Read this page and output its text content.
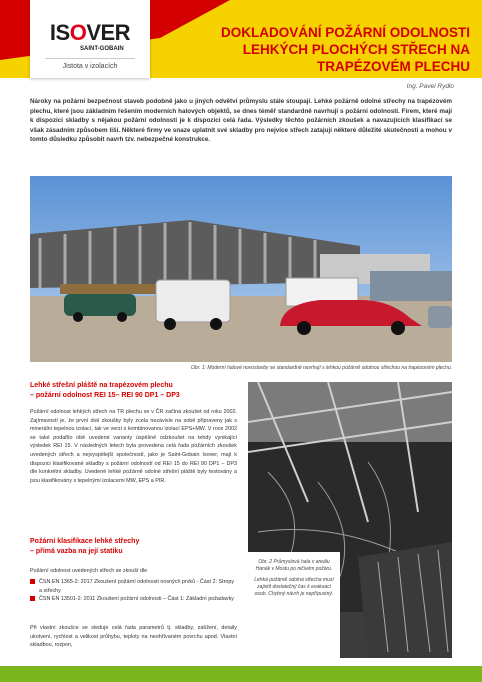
ISOVER
SAINT-GOBAIN
Jistota v izolacích
DOKLADOVÁNÍ POŽÁRNÍ ODOLNOSTI LEHKÝCH PLOCHÝCH STŘECH NA TRAPÉZOVÉM PLECHU
Ing. Pavel Rydlo
Nároky na požární bezpečnost staveb podobně jako u jiných odvětví průmyslu stále stoupají. Lehké požárně odolné střechy na trapézovém plechu, které jsou základním řešením moderních halových objektů, se dnes téměř standardně navrhují s požární odolností. Firem, které mají k dispozici skladby s nějakou požární odolností je k dispozici celá řada. Výsledky těchto požárních zkoušek a navazujících klasifikací se však zásadním způsobem liší. Některé firmy ve snaze uplatnit své skladby pro nejvíce střech zatajují některé důležité skutečnosti a mohou v tomto důsledku způsobit navrh tzv. nebezpečné konstrukce.
Obr. 1: Moderní halové novostavby se standardně navrhují s lehkou požárně odolnou střechou na trapézovém plechu.
Lehké střešní pláště na trapézovém plechu
– požární odolnost REI 15– REI 90 DP1 – DP3
Požární odolnost lehkých střech na TR plechu se v ČR začíná zkoušet od roku 2002. Zajímavostí je, že první dvě zkoušky byly zcela nezávisle na sobě připraveny jak s minerální tepelnou izolací, tak ve verzi s kombinovanou izolací EPS+MW. V roce 2002 se také podařilo obě uvedené varianty úspěšně odzkoušet na tehdy vynikající výsledek REI 15. V následných letech byla provedena celá řada požárních zkoušek uvedených střech a nejvyspělejší společností, jako je Saint-Gobain Isover, mají k dispozici klasifikované skladby s požární odolností od REI 15 do REI 90 DP1 – DP3 dle konkrétní skladby. Uvedené lehké požárně odolné střešní pláště byly testovány a jsou klasifikovány s tepelnými izolacemi MW, EPS a PIR.
Požární klasifikace lehké střechy
– přímá vazba na její statiku
Požární odolnost uvedených střech se zkouší dle
ČSN EN 1365-2: 2017 Zkoušení požární odolnosti nosných prvků - Část 2: Stropy a střechy
ČSN EN 13501-2: 2011 Zkoušení požární odolnosti – Část 1: Základní požadavky
Při vlastní zkoušce se sleduje celá řada parametrů tj. skladby, zatížení, detaily ukotvení, rychlost a velikost průhybu, teploty na neohřívaném povrchu apod. Vlastní skladbou, rozpon,

Obr. 2 Průmyslová hala v areálu Hanák v Mostu po ničivém požáru.

Lehká požárně odolná střecha musí zajistit dostatečný čas k evakuaci osob. Chybný návrh je nepřípustný.
